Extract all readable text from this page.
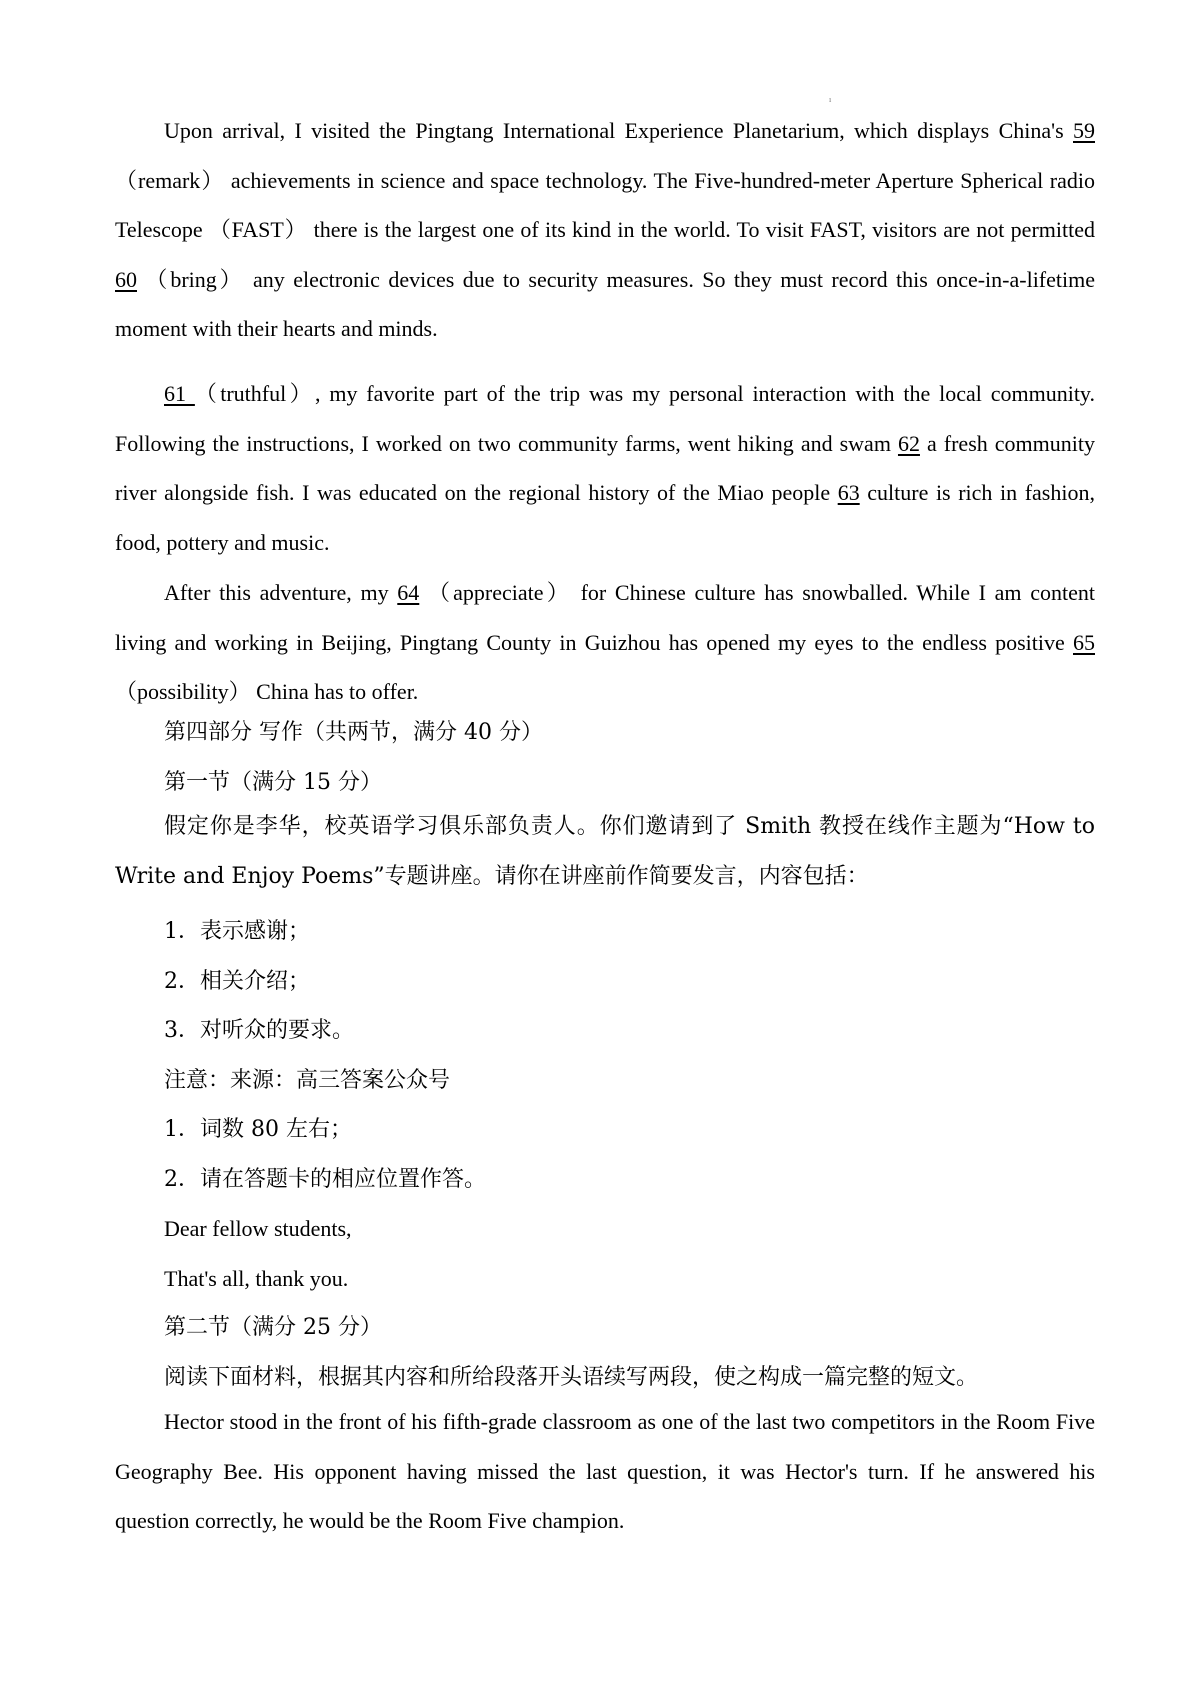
ı

Upon arrival, I visited the Pingtang International Experience Planetarium, which displays China's 59 （remark） achievements in science and space technology. The Five-hundred-meter Aperture Spherical radio Telescope （FAST） there is the largest one of its kind in the world. To visit FAST, visitors are not permitted 60 （bring） any electronic devices due to security measures. So they must record this once-in-a-lifetime moment with their hearts and minds.

61 （truthful）, my favorite part of the trip was my personal interaction with the local community. Following the instructions, I worked on two community farms, went hiking and swam 62 a fresh community river alongside fish. I was educated on the regional history of the Miao people 63 culture is rich in fashion, food, pottery and music.

After this adventure, my 64 （appreciate） for Chinese culture has snowballed. While I am content living and working in Beijing, Pingtang County in Guizhou has opened my eyes to the endless positive 65 （possibility） China has to offer.

第四部分 写作（共两节，满分 40 分）

第一节（满分 15 分）

假定你是李华，校英语学习俱乐部负责人。你们邀请到了 Smith 教授在线作主题为“How to Write and Enjoy Poems”专题讲座。请你在讲座前作简要发言，内容包括：

1．表示感谢；

2．相关介绍；

3．对听众的要求。

注意：来源：高三答案公众号

1．词数 80 左右；

2．请在答题卡的相应位置作答。

Dear fellow students,

That's all, thank you.

第二节（满分 25 分）

阅读下面材料，根据其内容和所给段落开头语续写两段，使之构成一篇完整的短文。

Hector stood in the front of his fifth-grade classroom as one of the last two competitors in the Room Five Geography Bee. His opponent having missed the last question, it was Hector's turn. If he answered his question correctly, he would be the Room Five champion.
